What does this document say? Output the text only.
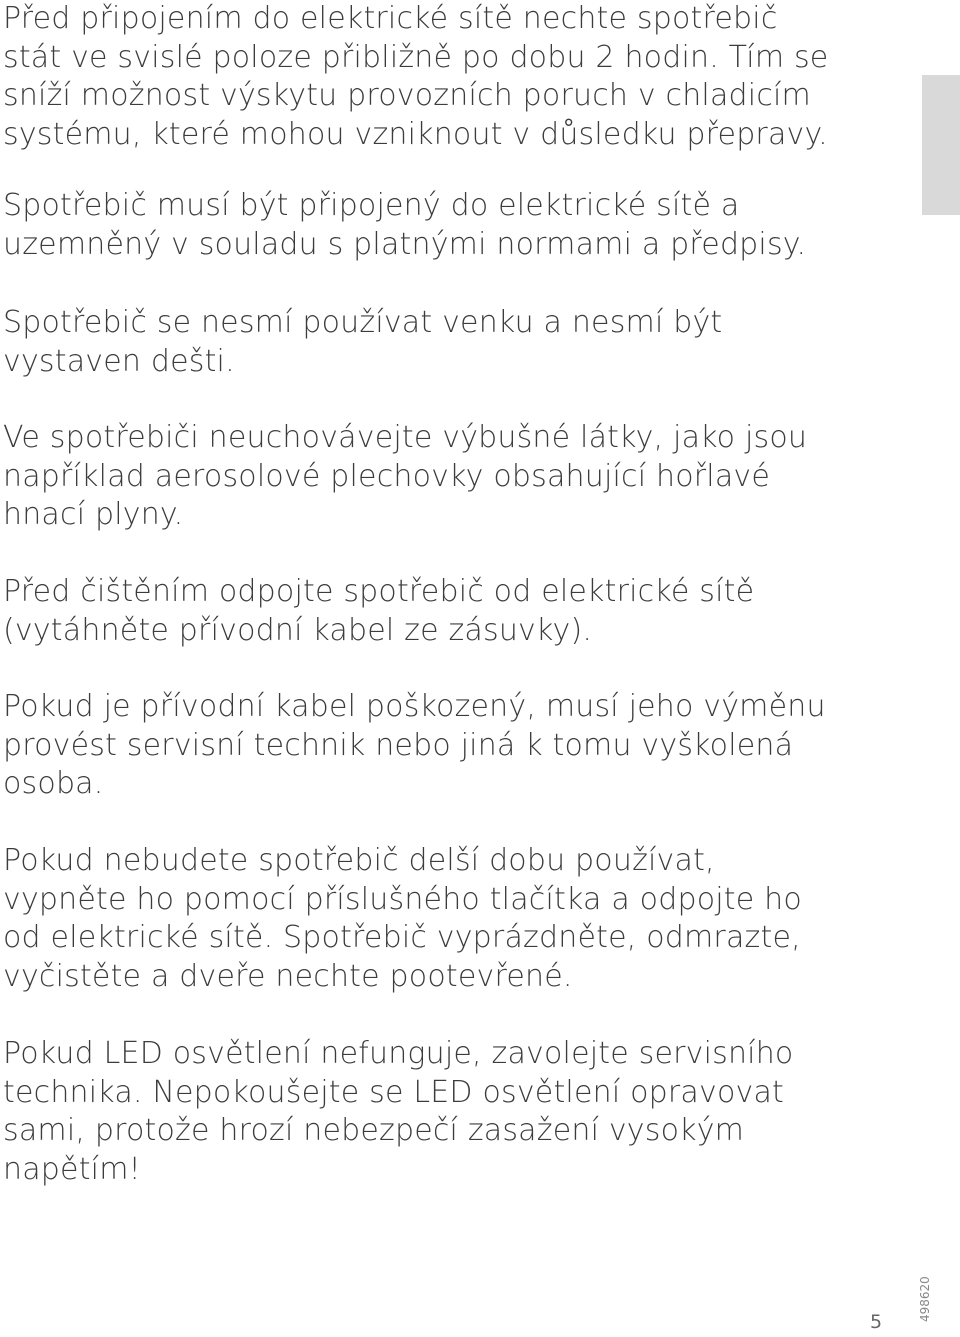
Před připojením do elektrické sítě nechte spotřebič
stát ve svislé poloze přibližně po dobu 2 hodin. Tím se
sníží možnost výskytu provozních poruch v chladicím
systému, které mohou vzniknout v důsledku přepravy.

Spotřebič musí být připojený do elektrické sítě a
uzemněný v souladu s platnými normami a předpisy.

Spotřebič se nesmí používat venku a nesmí být
vystaven dešti.

Ve spotřebiči neuchovávejte výbušné látky, jako jsou
například aerosolové plechovky obsahující hořlavé
hnací plyny.

Před čištěním odpojte spotřebič od elektrické sítě
(vytáhněte přívodní kabel ze zásuvky).

Pokud je přívodní kabel poškozený, musí jeho výměnu
provést servisní technik nebo jiná k tomu vyškolená
osoba.

Pokud nebudete spotřebič delší dobu používat,
vypněte ho pomocí příslušného tlačítka a odpojte ho
od elektrické sítě. Spotřebič vyprázdněte, odmrazte,
vyčistěte a dveře nechte pootevřené.

Pokud LED osvětlení nefunguje, zavolejte servisního
technika. Nepokoušejte se LED osvětlení opravovat
sami, protože hrozí nebezpečí zasažení vysokým
napětím!

5	498620
